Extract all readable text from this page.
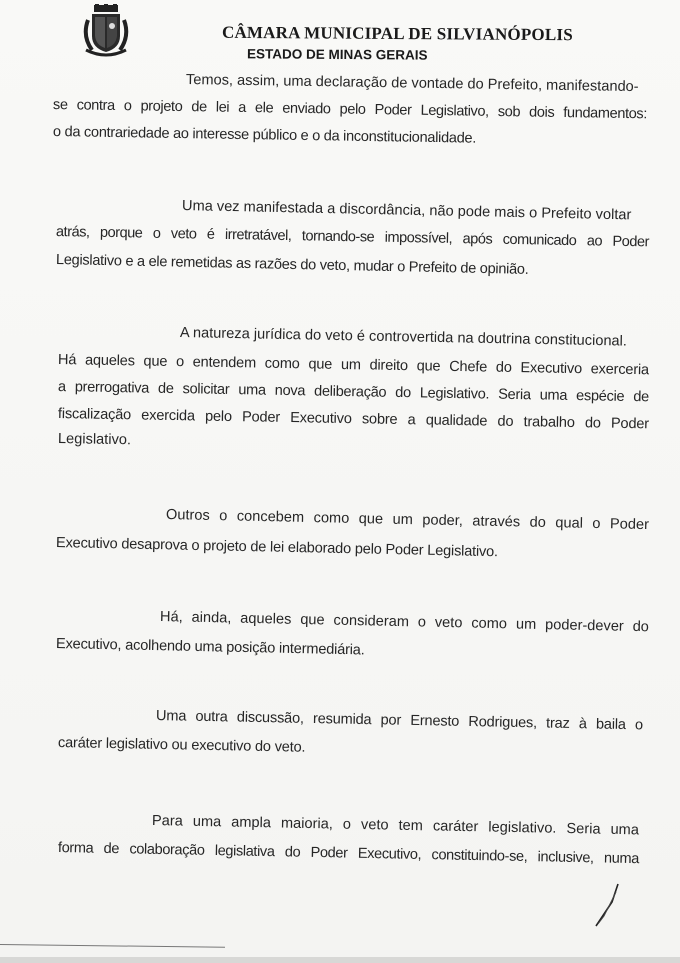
CÂMARA MUNICIPAL DE SILVIANÓPOLIS
ESTADO DE MINAS GERAIS
Temos, assim, uma declaração de vontade do Prefeito, manifestando-
se contra o projeto de lei a ele enviado pelo Poder Legislativo, sob dois fundamentos:
o da contrariedade ao interesse público e o da inconstitucionalidade.
Uma vez manifestada a discordância, não pode mais o Prefeito voltar
atrás, porque o veto é irretratável, tornando-se impossível, após comunicado ao Poder
Legislativo e a ele remetidas as razões do veto, mudar o Prefeito de opinião.
A natureza jurídica do veto é controvertida na doutrina constitucional.
Há aqueles que o entendem como que um direito que Chefe do Executivo exerceria
a prerrogativa de solicitar uma nova deliberação do Legislativo. Seria uma espécie de
fiscalização exercida pelo Poder Executivo sobre a qualidade do trabalho do Poder
Legislativo.
Outros o concebem como que um poder, através do qual o Poder
Executivo desaprova o projeto de lei elaborado pelo Poder Legislativo.
Há, ainda, aqueles que consideram o veto como um poder-dever do
Executivo, acolhendo uma posição intermediária.
Uma outra discussão, resumida por Ernesto Rodrigues, traz à baila o
caráter legislativo ou executivo do veto.
Para uma ampla maioria, o veto tem caráter legislativo. Seria uma
forma de colaboração legislativa do Poder Executivo, constituindo-se, inclusive, numa
